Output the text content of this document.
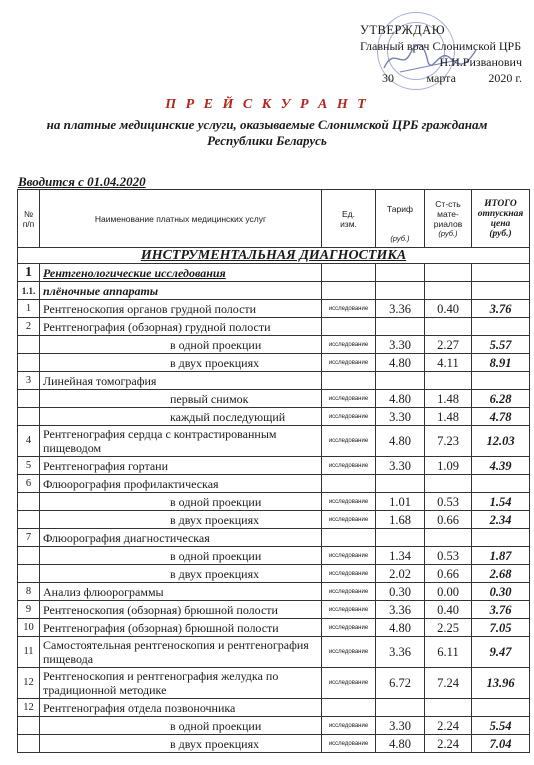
УТВЕРЖДАЮ
Главный врач Слонимской ЦРБ
Н.И.Ризванович
30	марта	2020 г.
П Р Е Й С К У Р А Н Т
на платные медицинские услуги, оказываемые Слонимской ЦРБ гражданам
Республики Беларусь
Вводится с 01.04.2020
№
п/п	Наименование платных медицинских услуг	Ед.
изм.	Тариф

(руб.)	Ст-сть
мате-
риалов

(руб.)	ИТОГО
отпускная
цена
(руб.)
ИНСТРУМЕНТАЛЬНАЯ ДИАГНОСТИКА					
1	Рентгенологические исследования				
1.1.	плёночные аппараты				
1	Рентгеноскопия органов грудной полости	исследование	3.36	0.40	3.76
2	Рентгенография (обзорная) грудной полости				
	в одной проекции	исследование	3.30	2.27	5.57
	в двух проекциях	исследование	4.80	4.11	8.91
3	Линейная томография				
	первый снимок	исследование	4.80	1.48	6.28
	каждый последующий	исследование	3.30	1.48	4.78
4	Рентгенография сердца с контрастированным пищеводом	исследование	4.80	7.23	12.03
5	Рентгенография гортани	исследование	3.30	1.09	4.39
6	Флюорография профилактическая				
	в одной проекции	исследование	1.01	0.53	1.54
	в двух проекциях	исследование	1.68	0.66	2.34
7	Флюорография диагностическая				
	в одной проекции	исследование	1.34	0.53	1.87
	в двух проекциях	исследование	2.02	0.66	2.68
8	Анализ флюорограммы	исследование	0.30	0.00	0.30
9	Рентгеноскопия (обзорная) брюшной полости	исследование	3.36	0.40	3.76
10	Рентгенография (обзорная) брюшной полости	исследование	4.80	2.25	7.05
11	Самостоятельная рентгеноскопия и рентгенография пищевода	исследование	3.36	6.11	9.47
12	Рентгеноскопия и рентгенография желудка по традиционной методике	исследование	6.72	7.24	13.96
12	Рентгенография отдела позвоночника				
	в одной проекции	исследование	3.30	2.24	5.54
	в двух проекциях	исследование	4.80	2.24	7.04
